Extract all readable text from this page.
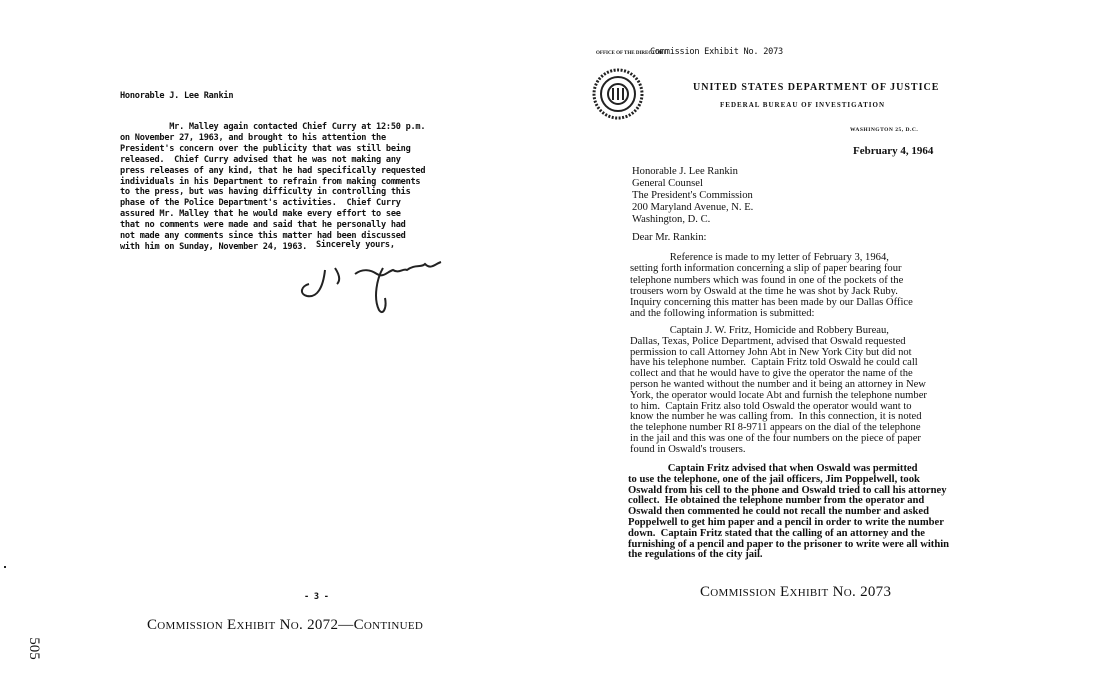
Honorable J. Lee Rankin
Mr. Malley again contacted Chief Curry at 12:50 p.m.
on November 27, 1963, and brought to his attention the
President's concern over the publicity that was still being
released.  Chief Curry advised that he was not making any
press releases of any kind, that he had specifically requested
individuals in his Department to refrain from making comments
to the press, but was having difficulty in controlling this
phase of the Police Department's activities.  Chief Curry
assured Mr. Malley that he would make every effort to see
that no comments were made and said that he personally had
not made any comments since this matter had been discussed
with him on Sunday, November 24, 1963.	Sincerely yours,
- 3 -
Commission Exhibit No. 2072—Continued
505
OFFICE OF THE DIRECTOR
Commission Exhibit No. 2073
UNITED STATES DEPARTMENT OF JUSTICE
FEDERAL BUREAU OF INVESTIGATION
WASHINGTON 25, D.C.
February 4, 1964
Honorable J. Lee Rankin
General Counsel
The President's Commission
200 Maryland Avenue, N. E.
Washington, D. C.
Dear Mr. Rankin:
Reference is made to my letter of February 3, 1964,
setting forth information concerning a slip of paper bearing four
telephone numbers which was found in one of the pockets of the
trousers worn by Oswald at the time he was shot by Jack Ruby.
Inquiry concerning this matter has been made by our Dallas Office
and the following information is submitted:
Captain J. W. Fritz, Homicide and Robbery Bureau,
Dallas, Texas, Police Department, advised that Oswald requested
permission to call Attorney John Abt in New York City but did not
have his telephone number.  Captain Fritz told Oswald he could call
collect and that he would have to give the operator the name of the
person he wanted without the number and it being an attorney in New
York, the operator would locate Abt and furnish the telephone number
to him.  Captain Fritz also told Oswald the operator would want to
know the number he was calling from.  In this connection, it is noted
the telephone number RI 8-9711 appears on the dial of the telephone
in the jail and this was one of the four numbers on the piece of paper
found in Oswald's trousers.
Captain Fritz advised that when Oswald was permitted
to use the telephone, one of the jail officers, Jim Poppelwell, took
Oswald from his cell to the phone and Oswald tried to call his attorney
collect.  He obtained the telephone number from the operator and
Oswald then commented he could not recall the number and asked
Poppelwell to get him paper and a pencil in order to write the number
down.  Captain Fritz stated that the calling of an attorney and the
furnishing of a pencil and paper to the prisoner to write were all within
the regulations of the city jail.
Commission Exhibit No. 2073
